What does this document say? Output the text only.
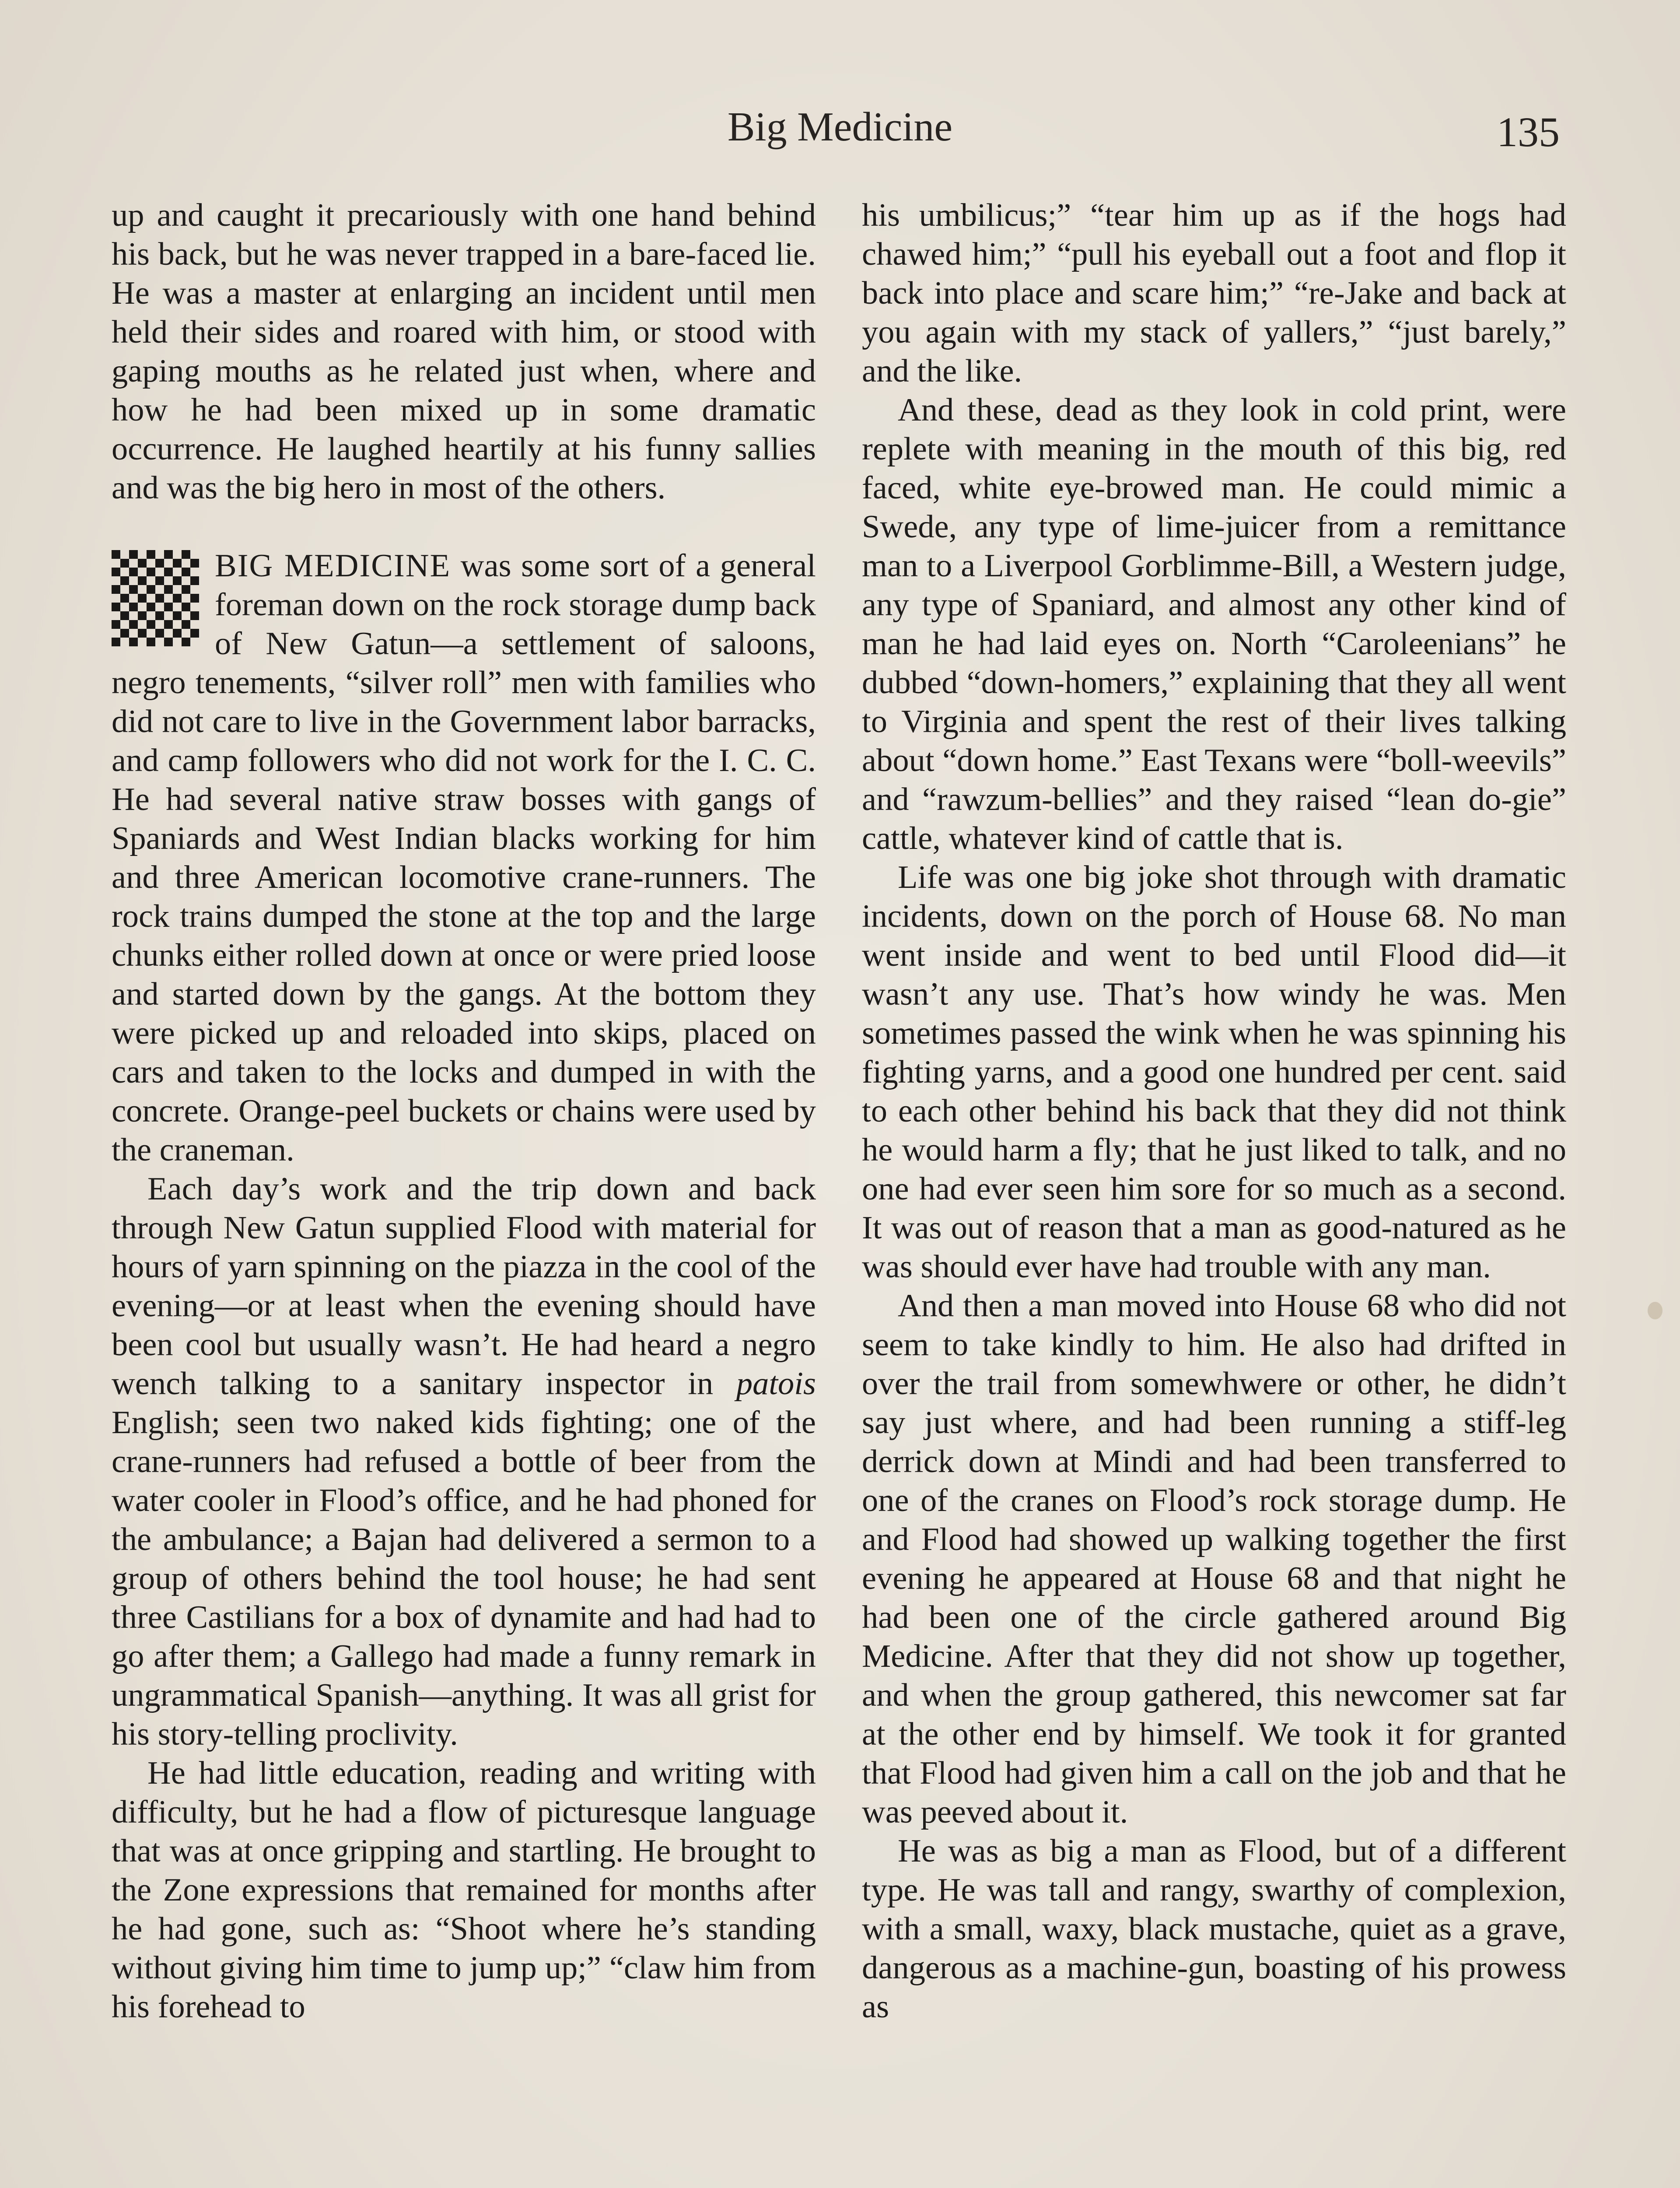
Big Medicine	135

up and caught it precariously with one hand behind his back, but he was never trapped in a bare-faced lie. He was a master at enlarging an incident until men held their sides and roared with him, or stood with gaping mouths as he related just when, where and how he had been mixed up in some dramatic occurrence. He laughed heartily at his funny sallies and was the big hero in most of the others.

BIG MEDICINE was some sort of a general foreman down on the rock storage dump back of New Gatun—a settlement of saloons, negro tenements, “silver roll” men with families who did not care to live in the Government labor barracks, and camp followers who did not work for the I. C. C. He had several native straw bosses with gangs of Spaniards and West Indian blacks working for him and three American locomotive crane-runners. The rock trains dumped the stone at the top and the large chunks either rolled down at once or were pried loose and started down by the gangs. At the bottom they were picked up and reloaded into skips, placed on cars and taken to the locks and dumped in with the concrete. Orange-peel buckets or chains were used by the craneman.

Each day’s work and the trip down and back through New Gatun supplied Flood with material for hours of yarn spinning on the piazza in the cool of the evening—or at least when the evening should have been cool but usually wasn’t. He had heard a negro wench talking to a sanitary inspector in patois English; seen two naked kids fighting; one of the crane-runners had refused a bottle of beer from the water cooler in Flood’s office, and he had phoned for the ambulance; a Bajan had delivered a sermon to a group of others behind the tool house; he had sent three Castilians for a box of dynamite and had had to go after them; a Gallego had made a funny remark in ungrammatical Spanish—anything. It was all grist for his story-telling proclivity.

He had little education, reading and writing with difficulty, but he had a flow of picturesque language that was at once gripping and startling. He brought to the Zone expressions that remained for months after he had gone, such as: “Shoot where he’s standing without giving him time to jump up;” “claw him from his forehead to

his umbilicus;” “tear him up as if the hogs had chawed him;” “pull his eyeball out a foot and flop it back into place and scare him;” “re-Jake and back at you again with my stack of yallers,” “just barely,” and the like.

And these, dead as they look in cold print, were replete with meaning in the mouth of this big, red faced, white eye-browed man. He could mimic a Swede, any type of lime-juicer from a remittance man to a Liverpool Gorblimme-Bill, a Western judge, any type of Spaniard, and almost any other kind of man he had laid eyes on. North “Caroleenians” he dubbed “down-homers,” explaining that they all went to Virginia and spent the rest of their lives talking about “down home.” East Texans were “boll-weevils” and “rawzum-bellies” and they raised “lean do-gie” cattle, whatever kind of cattle that is.

Life was one big joke shot through with dramatic incidents, down on the porch of House 68. No man went inside and went to bed until Flood did—it wasn’t any use. That’s how windy he was. Men sometimes passed the wink when he was spinning his fighting yarns, and a good one hundred per cent. said to each other behind his back that they did not think he would harm a fly; that he just liked to talk, and no one had ever seen him sore for so much as a second. It was out of reason that a man as good-natured as he was should ever have had trouble with any man.

And then a man moved into House 68 who did not seem to take kindly to him. He also had drifted in over the trail from somewhwere or other, he didn’t say just where, and had been running a stiff-leg derrick down at Mindi and had been transferred to one of the cranes on Flood’s rock storage dump. He and Flood had showed up walking together the first evening he appeared at House 68 and that night he had been one of the circle gathered around Big Medicine. After that they did not show up together, and when the group gathered, this newcomer sat far at the other end by himself. We took it for granted that Flood had given him a call on the job and that he was peeved about it.

He was as big a man as Flood, but of a different type. He was tall and rangy, swarthy of complexion, with a small, waxy, black mustache, quiet as a grave, dangerous as a machine-gun, boasting of his prowess as
